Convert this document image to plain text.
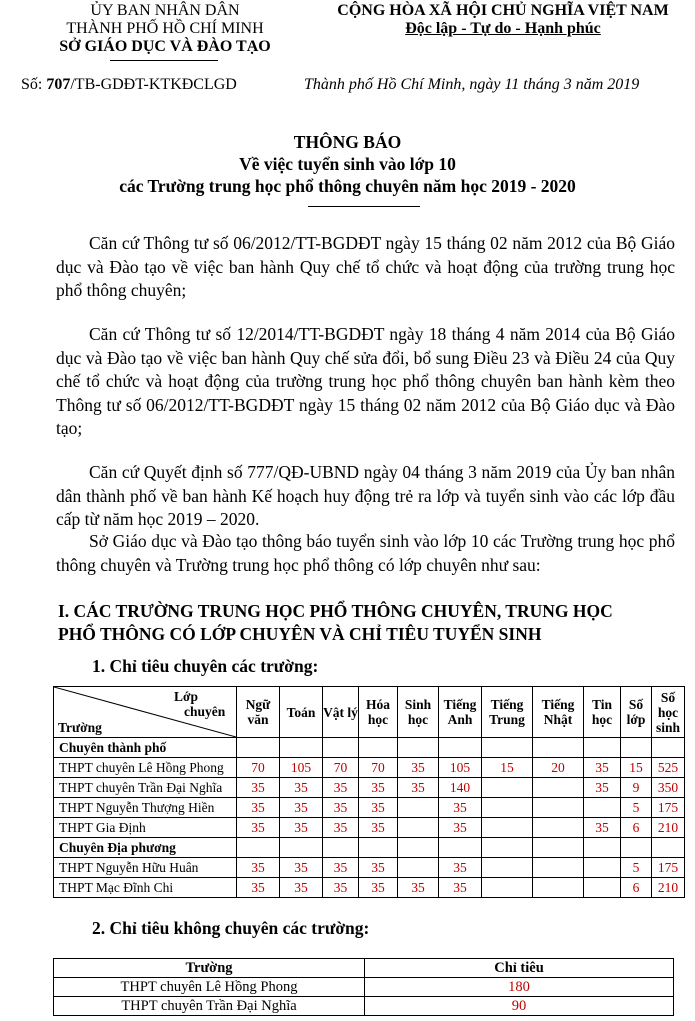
ỦY BAN NHÂN DÂN
THÀNH PHỐ HỒ CHÍ MINH
SỞ GIÁO DỤC VÀ ĐÀO TẠO
CỘNG HÒA XÃ HỘI CHỦ NGHĨA VIỆT NAM
Độc lập - Tự do - Hạnh phúc
Số: 707/TB-GDĐT-KTKĐCLGD	Thành phố Hồ Chí Minh, ngày 11 tháng 3 năm 2019
THÔNG BÁO
Về việc tuyển sinh vào lớp 10
các Trường trung học phổ thông chuyên năm học 2019 - 2020
Căn cứ Thông tư số 06/2012/TT-BGDĐT ngày 15 tháng 02 năm 2012 của Bộ Giáo dục và Đào tạo về việc ban hành Quy chế tổ chức và hoạt động của trường trung học phổ thông chuyên;
Căn cứ Thông tư số 12/2014/TT-BGDĐT ngày 18 tháng 4 năm 2014 của Bộ Giáo dục và Đào tạo về việc ban hành Quy chế sửa đổi, bổ sung Điều 23 và Điều 24 của Quy chế tổ chức và hoạt động của trường trung học phổ thông chuyên ban hành kèm theo Thông tư số 06/2012/TT-BGDĐT ngày 15 tháng 02 năm 2012 của Bộ Giáo dục và Đào tạo;
Căn cứ Quyết định số 777/QĐ-UBND ngày 04 tháng 3 năm 2019 của Ủy ban nhân dân thành phố về ban hành Kế hoạch huy động trẻ ra lớp và tuyển sinh vào các lớp đầu cấp từ năm học 2019 – 2020.
Sở Giáo dục và Đào tạo thông báo tuyển sinh vào lớp 10 các Trường trung học phổ thông chuyên và Trường trung học phổ thông có lớp chuyên như sau:
I. CÁC TRƯỜNG TRUNG HỌC PHỔ THÔNG CHUYÊN, TRUNG HỌC
PHỔ THÔNG CÓ LỚP CHUYÊN VÀ CHỈ TIÊU TUYỂN SINH
1. Chỉ tiêu chuyên các trường:
Lớp
chuyên
Trường	Ngữ văn	Toán	Vật lý	Hóa học	Sinh học	Tiếng Anh	Tiếng Trung	Tiếng Nhật	Tin học	Số lớp	Số học sinh
Chuyên thành phố											
THPT chuyên Lê Hồng Phong	70	105	70	70	35	105	15	20	35	15	525
THPT chuyên Trần Đại Nghĩa	35	35	35	35	35	140			35	9	350
THPT Nguyễn Thượng Hiền	35	35	35	35		35				5	175
THPT Gia Định	35	35	35	35		35			35	6	210
Chuyên Địa phương											
THPT Nguyễn Hữu Huân	35	35	35	35		35				5	175
THPT Mạc Đĩnh Chi	35	35	35	35	35	35				6	210
2. Chỉ tiêu không chuyên các trường:
Trường	Chỉ tiêu
THPT chuyên Lê Hồng Phong	180
THPT chuyên Trần Đại Nghĩa	90
